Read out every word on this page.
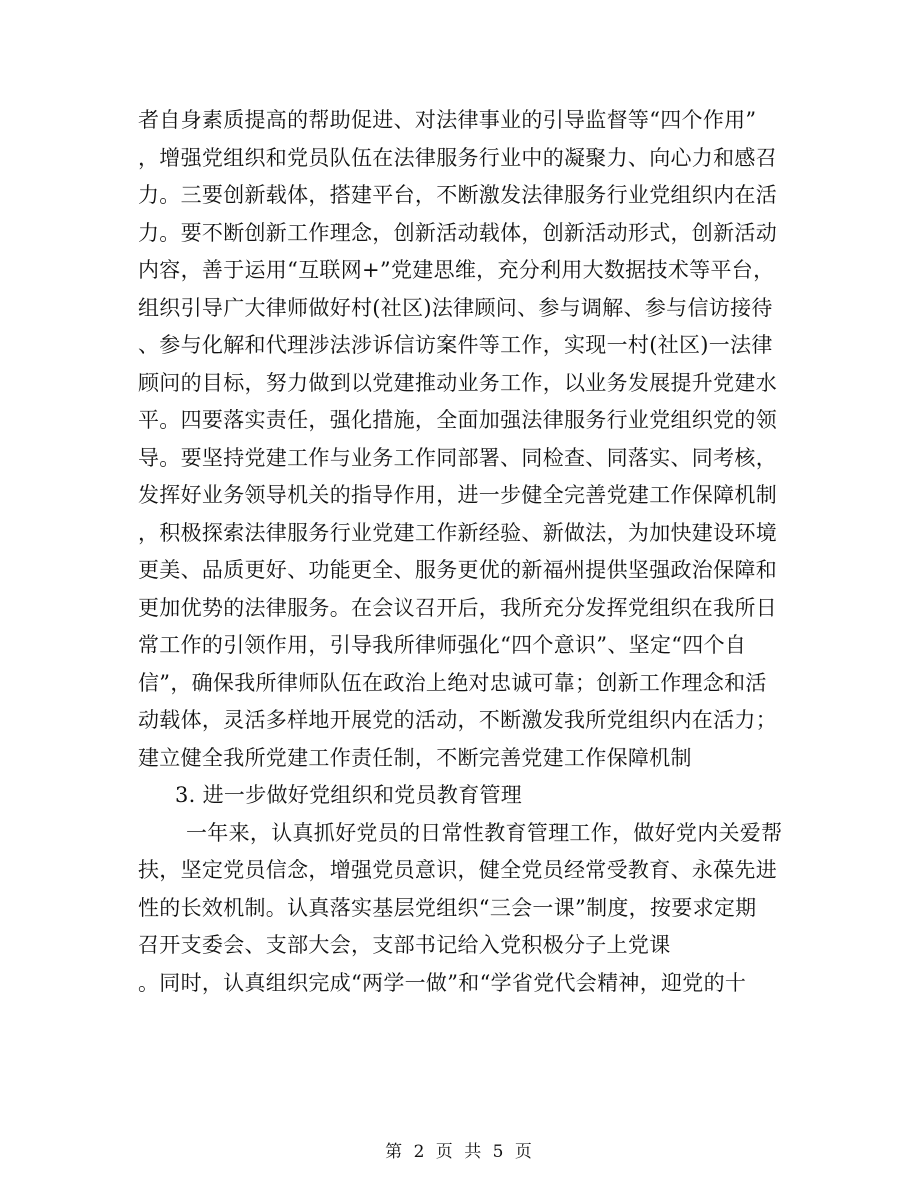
者自身素质提高的帮助促进、对法律事业的引导监督等“四个作用”
，增强党组织和党员队伍在法律服务行业中的凝聚力、向心力和感召
力。三要创新载体，搭建平台，不断激发法律服务行业党组织内在活
力。要不断创新工作理念，创新活动载体，创新活动形式，创新活动
内容，善于运用“互联网+”党建思维，充分利用大数据技术等平台，
组织引导广大律师做好村(社区)法律顾问、参与调解、参与信访接待
、参与化解和代理涉法涉诉信访案件等工作，实现一村(社区)一法律
顾问的目标，努力做到以党建推动业务工作，以业务发展提升党建水
平。四要落实责任，强化措施，全面加强法律服务行业党组织党的领
导。要坚持党建工作与业务工作同部署、同检查、同落实、同考核，
发挥好业务领导机关的指导作用，进一步健全完善党建工作保障机制
，积极探索法律服务行业党建工作新经验、新做法，为加快建设环境
更美、品质更好、功能更全、服务更优的新福州提供坚强政治保障和
更加优势的法律服务。在会议召开后，我所充分发挥党组织在我所日
常工作的引领作用，引导我所律师强化“四个意识”、坚定“四个自
信”，确保我所律师队伍在政治上绝对忠诚可靠；创新工作理念和活
动载体，灵活多样地开展党的活动，不断激发我所党组织内在活力；
建立健全我所党建工作责任制，不断完善党建工作保障机制
3. 进一步做好党组织和党员教育管理
一年来，认真抓好党员的日常性教育管理工作，做好党内关爱帮
扶，坚定党员信念，增强党员意识，健全党员经常受教育、永葆先进
性的长效机制。认真落实基层党组织“三会一课”制度，按要求定期
召开支委会、支部大会，支部书记给入党积极分子上党课
。同时，认真组织完成“两学一做”和“学省党代会精神，迎党的十
第 2 页 共 5 页
